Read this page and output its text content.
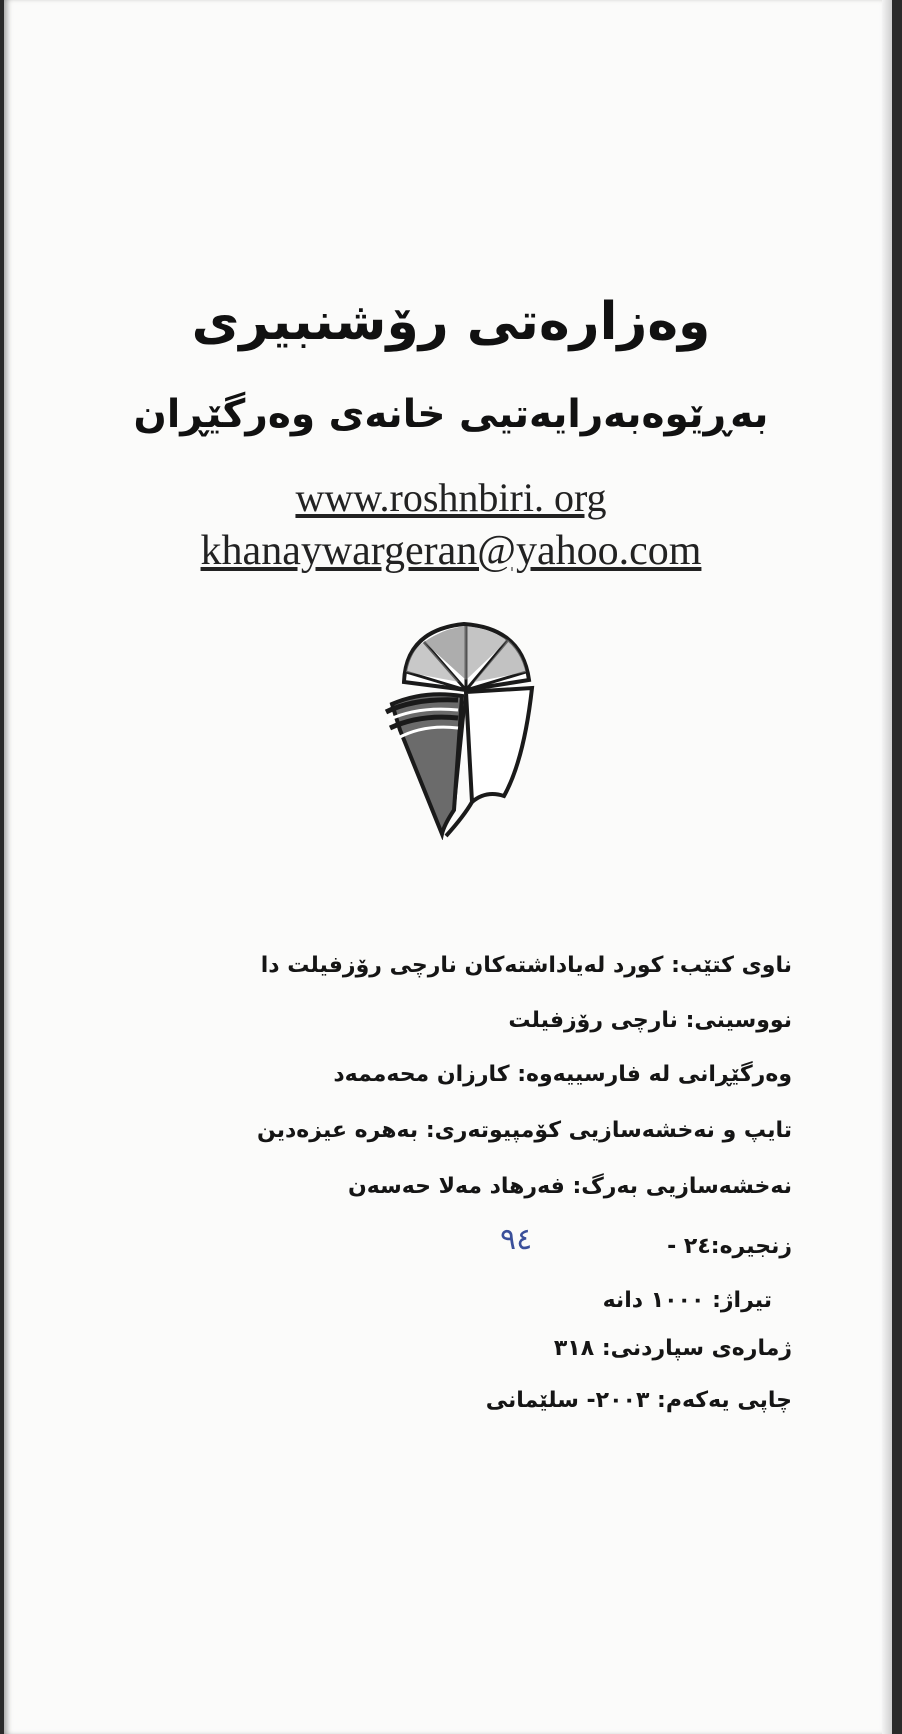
وەزارەتی رۆشنبیری
بەڕێوەبەرایەتیی خانەی وەرگێڕان
www.roshnbiri. org
khanaywargeran@yahoo.com
ناوی کتێب: کورد لەیاداشتەکان نارچی رۆزفیلت دا
نووسینی: نارچی رۆزفیلت
وەرگێڕانی لە فارسییەوە: کارزان محەممەد
تایپ و نەخشەسازیی کۆمپیوتەری: بەهرە عیزەدین
نەخشەسازیی بەرگ: فەرهاد مەلا حەسەن
زنجیرە:٢٤ -
٩٤
تیراژ: ١٠٠٠ دانە
ژمارەی سپاردنی: ٣١٨
چاپی یەکەم: ٢٠٠٣- سلێمانی
